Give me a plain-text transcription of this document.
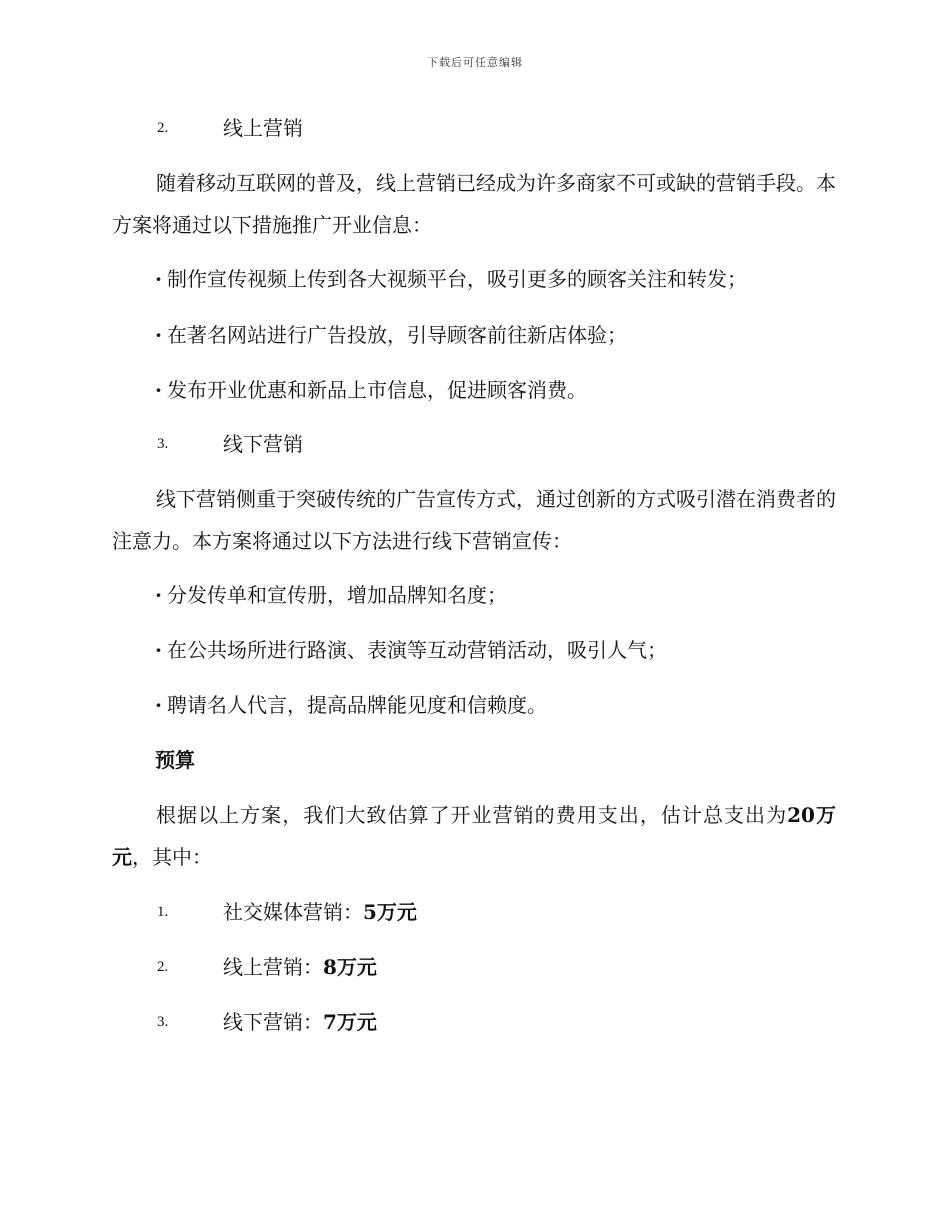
下载后可任意编辑
2.	线上营销

随着移动互联网的普及，线上营销已经成为许多商家不可或缺的营销手段。本方案将通过以下措施推广开业信息：

· 制作宣传视频上传到各大视频平台，吸引更多的顾客关注和转发；
· 在著名网站进行广告投放，引导顾客前往新店体验；
· 发布开业优惠和新品上市信息，促进顾客消费。
3.	线下营销

线下营销侧重于突破传统的广告宣传方式，通过创新的方式吸引潜在消费者的注意力。本方案将通过以下方法进行线下营销宣传：

· 分发传单和宣传册，增加品牌知名度；
· 在公共场所进行路演、表演等互动营销活动，吸引人气；
· 聘请名人代言，提高品牌能见度和信赖度。
预算

根据以上方案，我们大致估算了开业营销的费用支出，估计总支出为20万元，其中：

1.	社交媒体营销：5万元
2.	线上营销：8万元
3.	线下营销：7万元
